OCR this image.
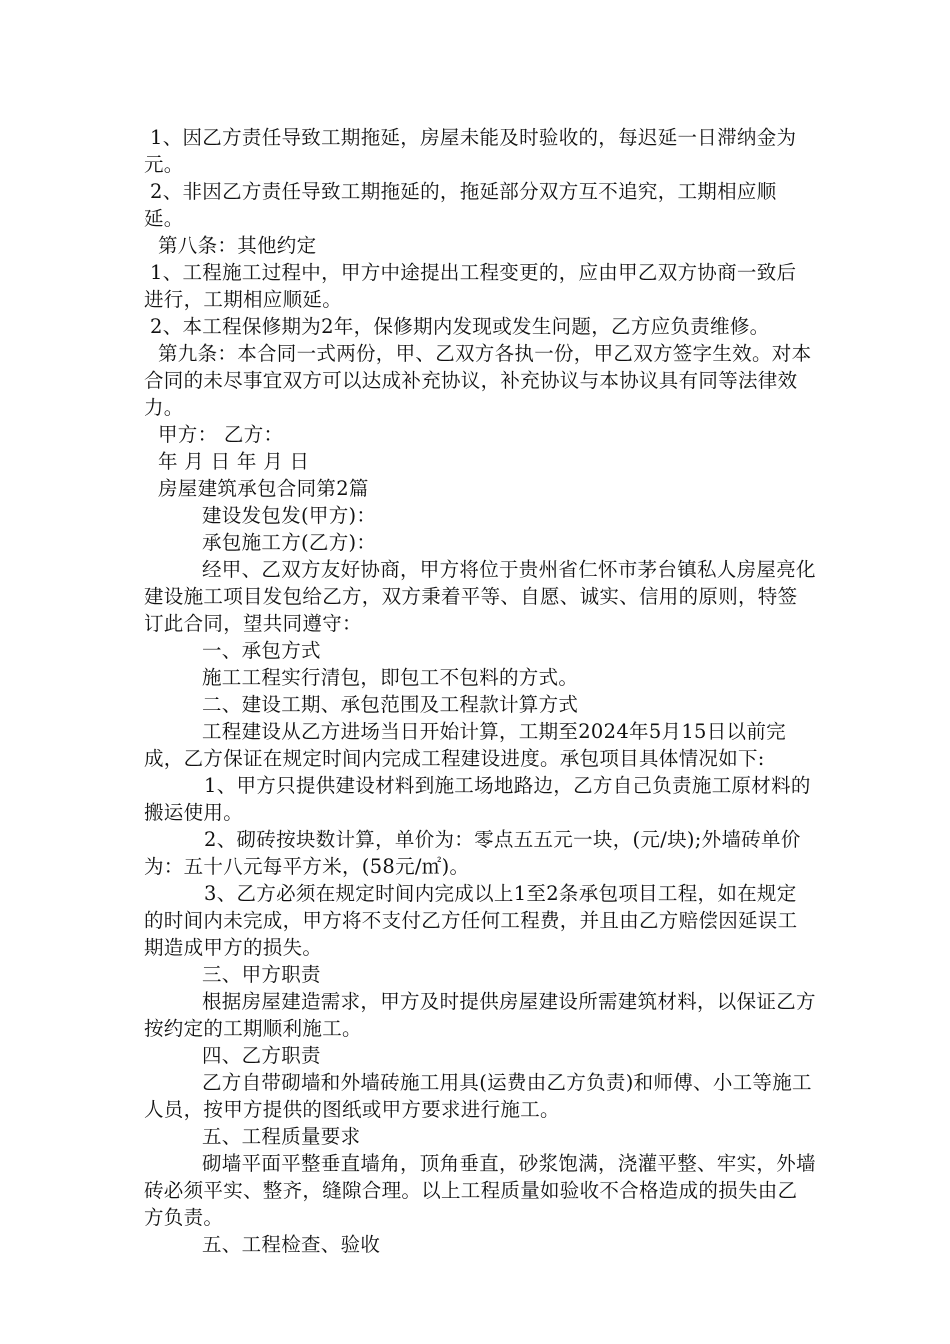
1、因乙方责任导致工期拖延，房屋未能及时验收的，每迟延一日滞纳金为 元。

2、非因乙方责任导致工期拖延的，拖延部分双方互不追究，工期相应顺延。

第八条：其他约定

1、工程施工过程中，甲方中途提出工程变更的，应由甲乙双方协商一致后进行，工期相应顺延。

2、本工程保修期为2年，保修期内发现或发生问题，乙方应负责维修。

第九条：本合同一式两份，甲、乙双方各执一份，甲乙双方签字生效。对本合同的未尽事宜双方可以达成补充协议，补充协议与本协议具有同等法律效力。

甲方： 乙方：

年 月 日 年 月 日

房屋建筑承包合同第2篇

建设发包发(甲方)：

承包施工方(乙方)：

经甲、乙双方友好协商，甲方将位于贵州省仁怀市茅台镇私人房屋亮化建设施工项目发包给乙方，双方秉着平等、自愿、诚实、信用的原则，特签订此合同，望共同遵守：

一、承包方式

施工工程实行清包，即包工不包料的方式。

二、建设工期、承包范围及工程款计算方式

工程建设从乙方进场当日开始计算，工期至2024年5月15日以前完成，乙方保证在规定时间内完成工程建设进度。承包项目具体情况如下:

1、甲方只提供建设材料到施工场地路边，乙方自己负责施工原材料的搬运使用。

2、砌砖按块数计算，单价为：零点五五元一块，(元/块);外墙砖单价为：五十八元每平方米，(58元/㎡)。

3、乙方必须在规定时间内完成以上1至2条承包项目工程，如在规定的时间内未完成，甲方将不支付乙方任何工程费，并且由乙方赔偿因延误工期造成甲方的损失。

三、甲方职责

根据房屋建造需求，甲方及时提供房屋建设所需建筑材料，以保证乙方按约定的工期顺利施工。

四、乙方职责

乙方自带砌墙和外墙砖施工用具(运费由乙方负责)和师傅、小工等施工人员，按甲方提供的图纸或甲方要求进行施工。

五、工程质量要求

砌墙平面平整垂直墙角，顶角垂直，砂浆饱满，浇灌平整、牢实，外墙砖必须平实、整齐，缝隙合理。以上工程质量如验收不合格造成的损失由乙方负责。

五、工程检查、验收
